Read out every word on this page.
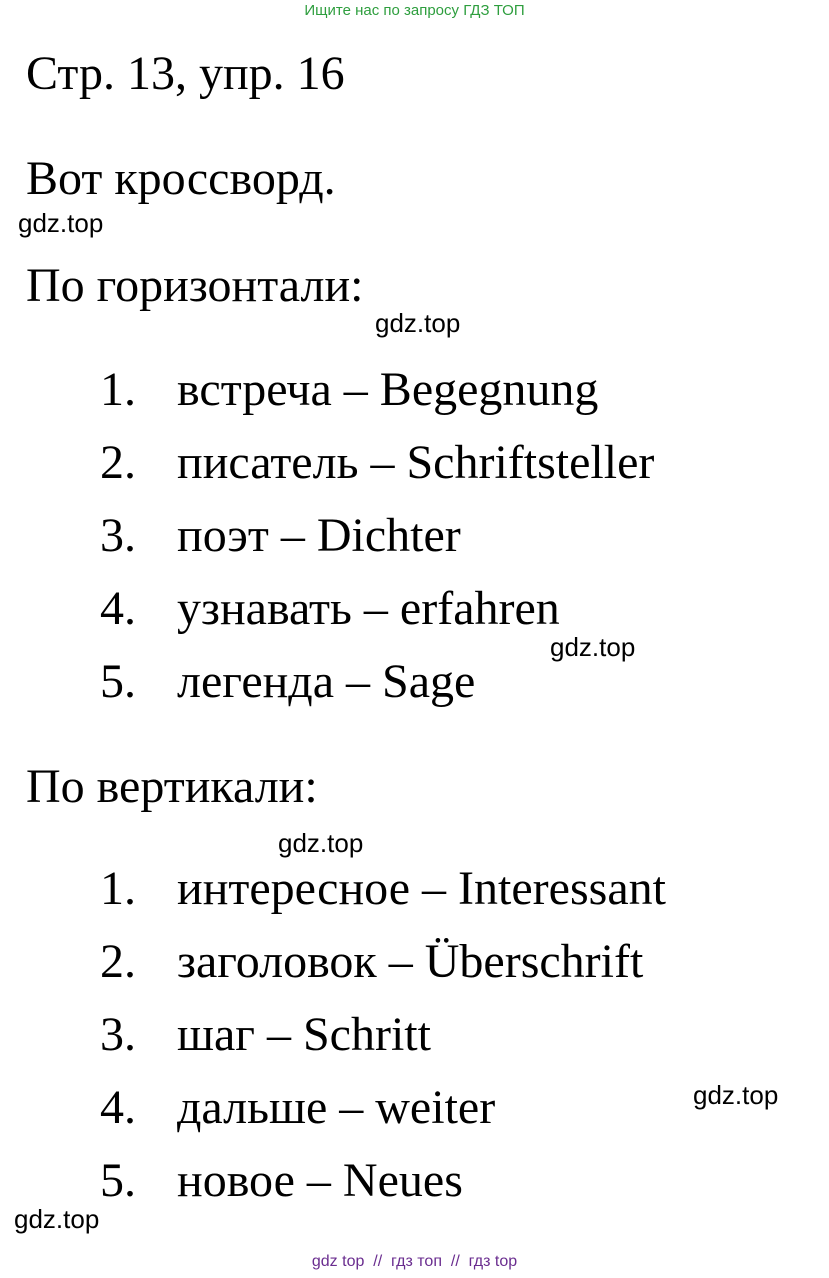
Ищите нас по запросу ГДЗ ТОП
Стр. 13, упр. 16
Вот кроссворд.
gdz.top
По горизонтали:
gdz.top
1. встреча – Begegnung
2. писатель – Schriftsteller
3. поэт – Dichter
4. узнавать – erfahren
5. легенда – Sage
gdz.top
По вертикали:
gdz.top
1. интересное – Interessant
2. заголовок – Überschrift
3. шаг – Schritt
4. дальше – weiter
5. новое – Neues
gdz.top
gdz.top
gdz top  //  гдз топ  //  гдз top
